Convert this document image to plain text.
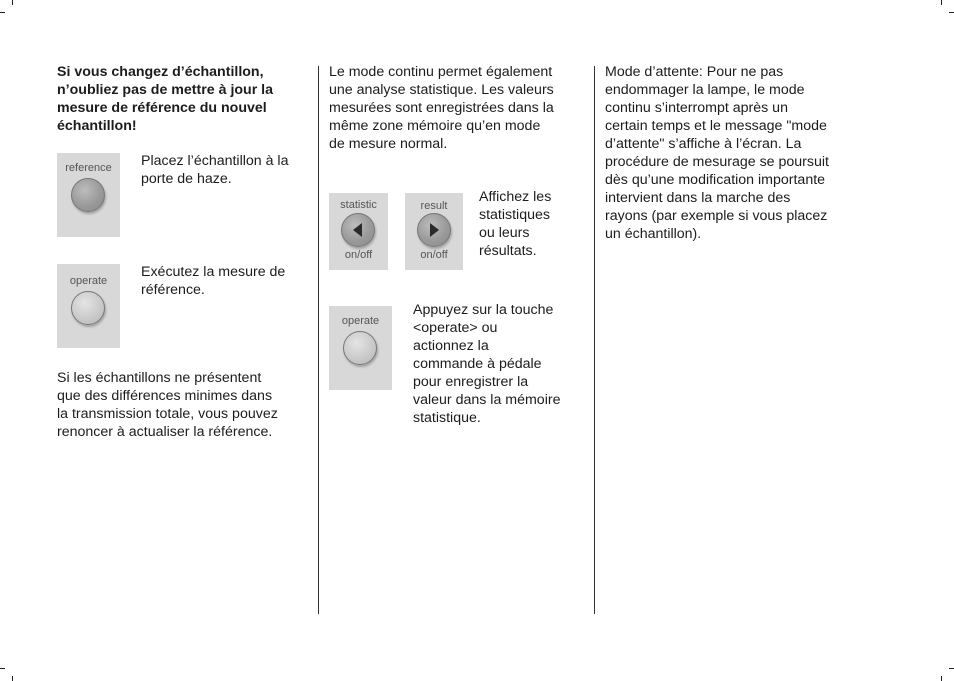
Si vous changez d’échantillon,
n’oubliez pas de mettre à jour la
mesure de référence du nouvel
échantillon!
reference	Placez l’échantillon à la
porte de haze.
operate
Exécutez la mesure de
référence.
Si les échantillons ne présentent
que des différences minimes dans
la transmission totale, vous pouvez
renoncer à actualiser la référence.
Le mode continu permet également
une analyse statistique. Les valeurs
mesurées sont enregistrées dans la
même zone mémoire qu’en mode
de mesure normal.
statistic
on/off
result
on/off
Affichez les
statistiques
ou leurs
résultats.
operate
Appuyez sur la touche
<operate> ou
actionnez la
commande à pédale
pour enregistrer la
valeur dans la mémoire
statistique.
Mode d’attente: Pour ne pas
endommager la lampe, le mode
continu s’interrompt après un
certain temps et le message "mode
d’attente" s’affiche à l’écran. La
procédure de mesurage se poursuit
dès qu’une modification importante
intervient dans la marche des
rayons (par exemple si vous placez
un échantillon).
